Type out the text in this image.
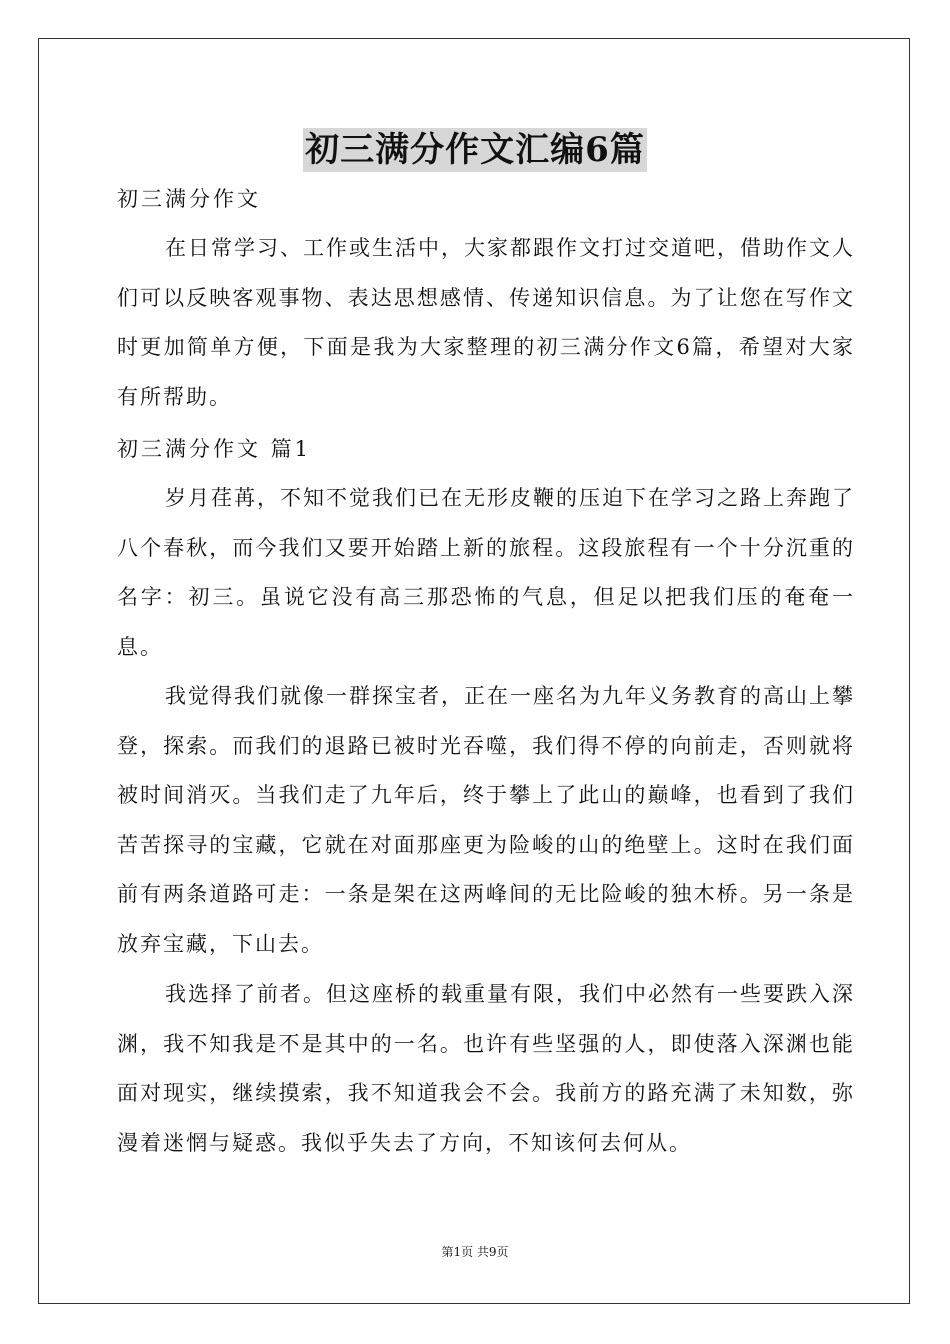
初三满分作文汇编6篇
初三满分作文

在日常学习、工作或生活中，大家都跟作文打过交道吧，借助作文人们可以反映客观事物、表达思想感情、传递知识信息。为了让您在写作文时更加简单方便，下面是我为大家整理的初三满分作文6篇，希望对大家有所帮助。

初三满分作文 篇1

岁月荏苒，不知不觉我们已在无形皮鞭的压迫下在学习之路上奔跑了八个春秋，而今我们又要开始踏上新的旅程。这段旅程有一个十分沉重的名字：初三。虽说它没有高三那恐怖的气息，但足以把我们压的奄奄一息。

我觉得我们就像一群探宝者，正在一座名为九年义务教育的高山上攀登，探索。而我们的退路已被时光吞噬，我们得不停的向前走，否则就将被时间消灭。当我们走了九年后，终于攀上了此山的巅峰，也看到了我们苦苦探寻的宝藏，它就在对面那座更为险峻的山的绝壁上。这时在我们面前有两条道路可走：一条是架在这两峰间的无比险峻的独木桥。另一条是放弃宝藏，下山去。

我选择了前者。但这座桥的载重量有限，我们中必然有一些要跌入深渊，我不知我是不是其中的一名。也许有些坚强的人，即使落入深渊也能面对现实，继续摸索，我不知道我会不会。我前方的路充满了未知数，弥漫着迷惘与疑惑。我似乎失去了方向，不知该何去何从。

第1页 共9页
